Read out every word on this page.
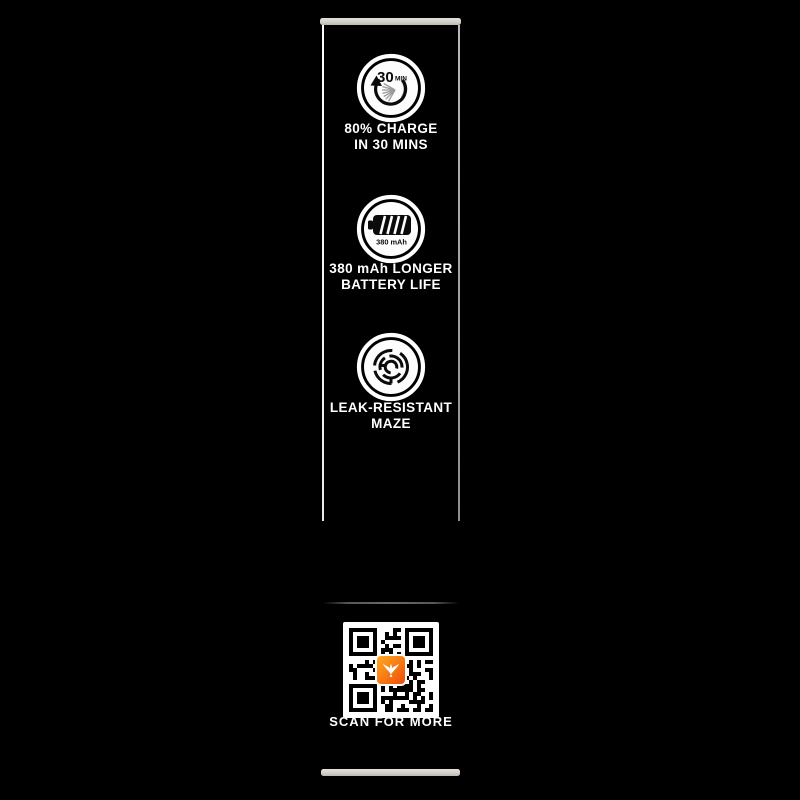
30 MIN
80% CHARGE
IN 30 MINS
380 mAh
380 mAh LONGER
BATTERY LIFE
LEAK-RESISTANT
MAZE
SCAN FOR MORE
